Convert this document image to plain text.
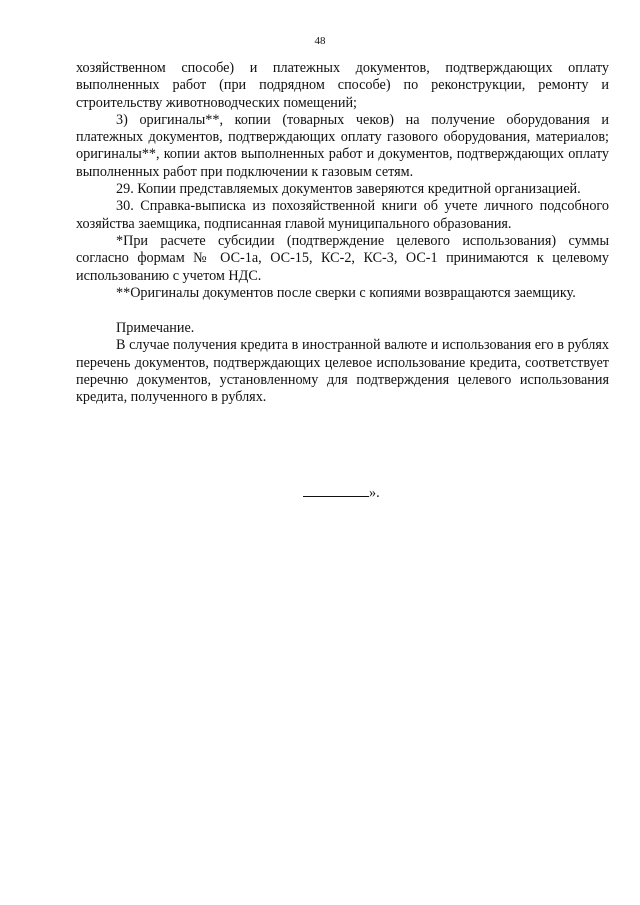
48

хозяйственном способе) и платежных документов, подтверждающих оплату выполненных работ (при подрядном способе) по реконструкции, ремонту и строительству животноводческих помещений;

3) оригиналы**, копии (товарных чеков) на получение оборудования и платежных документов, подтверждающих оплату газового оборудования, материалов; оригиналы**, копии актов выполненных работ и документов, подтверждающих оплату выполненных работ при подключении к газовым сетям.

29. Копии представляемых документов заверяются кредитной организацией.

30. Справка-выписка из похозяйственной книги об учете личного подсобного хозяйства заемщика, подписанная главой муниципального образования.

*При расчете субсидии (подтверждение целевого использования) суммы согласно формам № ОС-1а, ОС-15, КС-2, КС-3, ОС-1 принимаются к целевому использованию с учетом НДС.

**Оригиналы документов после сверки с копиями возвращаются заемщику.

Примечание.

В случае получения кредита в иностранной валюте и использования его в рублях перечень документов, подтверждающих целевое использование кредита, соответствует перечню документов, установленному для подтверждения целевого использования кредита, полученного в рублях.

».
